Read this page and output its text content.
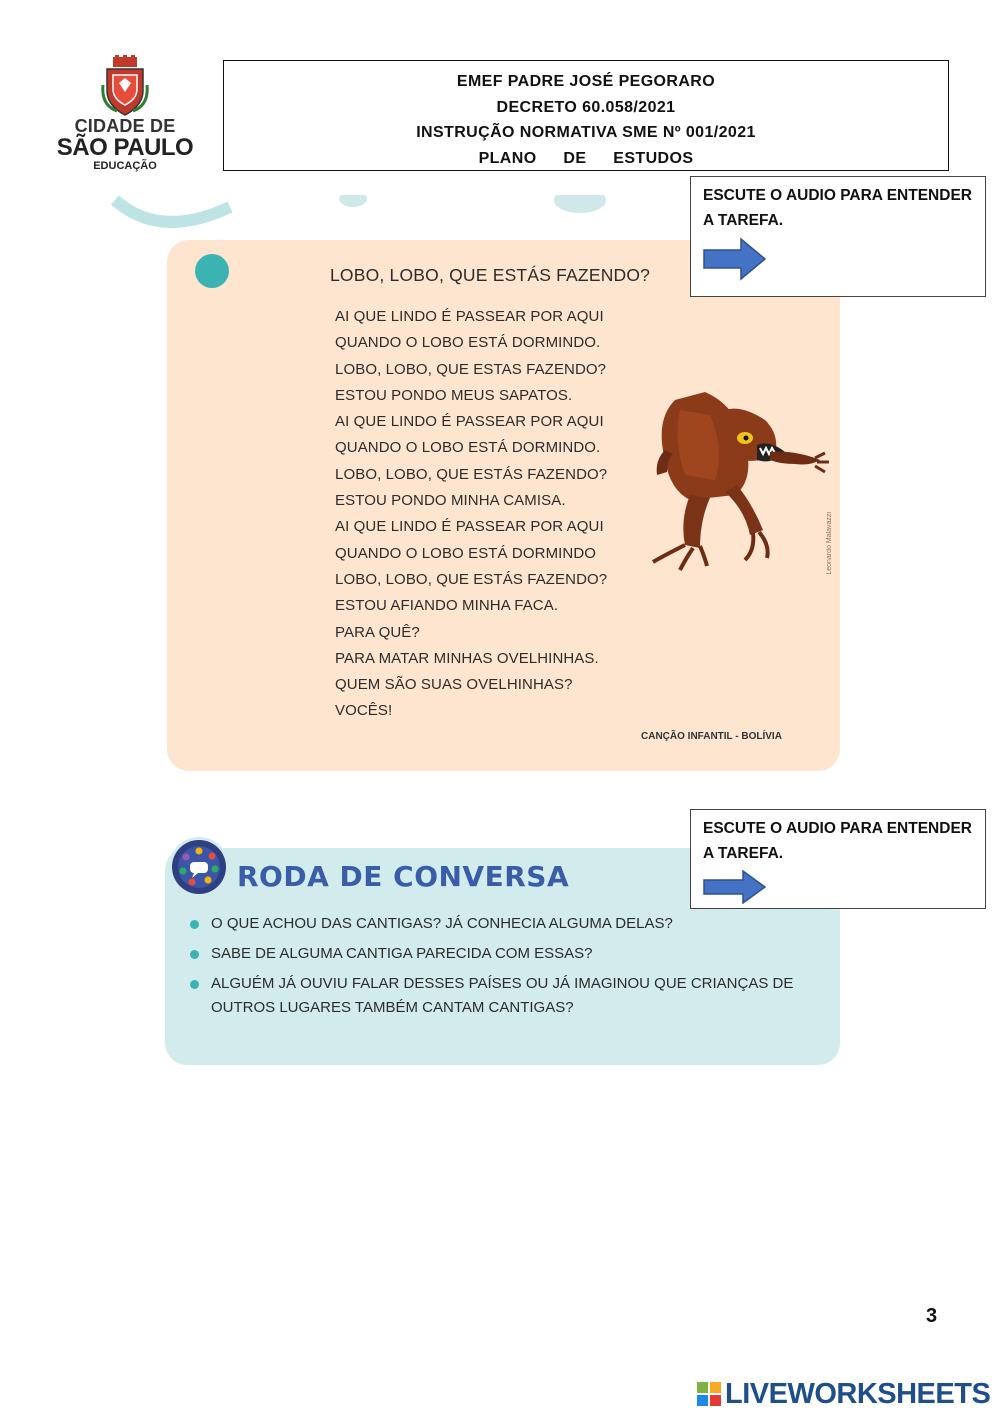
CIDADE DE
SÃO PAULO
EDUCAÇÃO
EMEF PADRE JOSÉ PEGORARO
DECRETO 60.058/2021
INSTRUÇÃO NORMATIVA SME Nº 001/2021
PLANO DE ESTUDOS
LOBO, LOBO, QUE ESTÁS FAZENDO?
AI QUE LINDO É PASSEAR POR AQUI
QUANDO O LOBO ESTÁ DORMINDO.
LOBO, LOBO, QUE ESTAS FAZENDO?
ESTOU PONDO MEUS SAPATOS.
AI QUE LINDO É PASSEAR POR AQUI
QUANDO O LOBO ESTÁ DORMINDO.
LOBO, LOBO, QUE ESTÁS FAZENDO?
ESTOU PONDO MINHA CAMISA.
AI QUE LINDO É PASSEAR POR AQUI
QUANDO O LOBO ESTÁ DORMINDO
LOBO, LOBO, QUE ESTÁS FAZENDO?
ESTOU AFIANDO MINHA FACA.
PARA QUÊ?
PARA MATAR MINHAS OVELHINHAS.
QUEM SÃO SUAS OVELHINHAS?
VOCÊS!
Leonardo Malavazzi
CANÇÃO INFANTIL - BOLÍVIA
ESCUTE O AUDIO PARA ENTENDER A TAREFA.
RODA DE CONVERSA
O QUE ACHOU DAS CANTIGAS? JÁ CONHECIA ALGUMA DELAS?
SABE DE ALGUMA CANTIGA PARECIDA COM ESSAS?
ALGUÉM JÁ OUVIU FALAR DESSES PAÍSES OU JÁ IMAGINOU QUE CRIANÇAS DE OUTROS LUGARES TAMBÉM CANTAM CANTIGAS?
ESCUTE O AUDIO PARA ENTENDER A TAREFA.
3
LIVEWORKSHEETS
